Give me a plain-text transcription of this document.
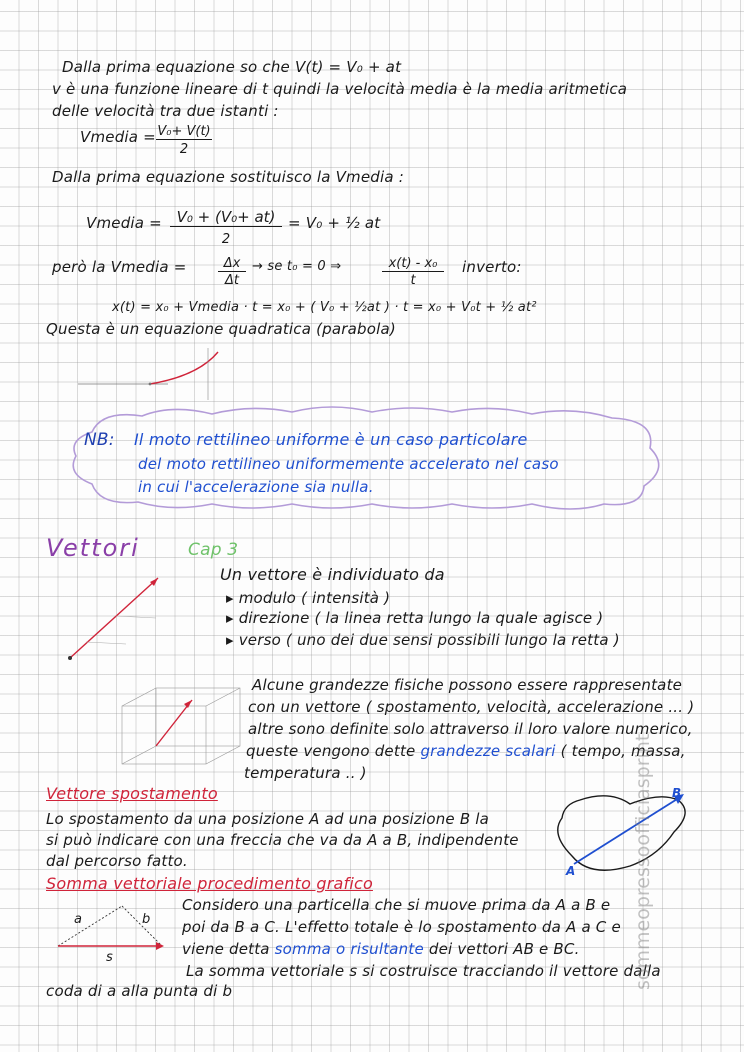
Dalla prima equazione so che V(t) = V₀ + at
v è una funzione lineare di t quindi la velocità media è la media aritmetica
delle velocità tra due istanti :
Vmedia = V₀+ V(t)
2
Dalla prima equazione sostituisco la Vmedia :
Vmedia = V₀ + (V₀+ at)
2
= V₀ + ½ at
però la Vmedia =	Δx
Δt
→ se t₀ = 0 ⇒	x(t) - x₀
t
inverto:
x(t) = x₀ + Vmedia · t = x₀ + ( V₀ + ½at ) · t = x₀ + V₀t + ½ at²
Questa è un equazione quadratica (parabola)
NB: Il moto rettilineo uniforme è un caso particolare
del moto rettilineo uniformemente accelerato nel caso
in cui l'accelerazione sia nulla.
Vettori	Cap 3
Un vettore è individuato da
▸ modulo ( intensità )
▸ direzione ( la linea retta lungo la quale agisce )
▸ verso ( uno dei due sensi possibili lungo la retta )
Alcune grandezze fisiche possono essere rappresentate
con un vettore ( spostamento, velocità, accelerazione ... )
altre sono definite solo attraverso il loro valore numerico,
queste vengono dette grandezze scalari ( tempo, massa,
temperatura .. )
Vettore spostamento
Lo spostamento da una posizione A ad una posizione B la
si può indicare con una freccia che va da A a B, indipendente
dal percorso fatto.
A
B
Somma vettoriale procedimento grafico
a	b
s
Considero una particella che si muove prima da A a B e
poi da B a C. L'effetto totale è lo spostamento da A a C e
viene detta somma o risultante dei vettori AB e BC.
La somma vettoriale s si costruisce tracciando il vettore dalla
coda di a alla punta di b
sommeopressoofficiasprint
